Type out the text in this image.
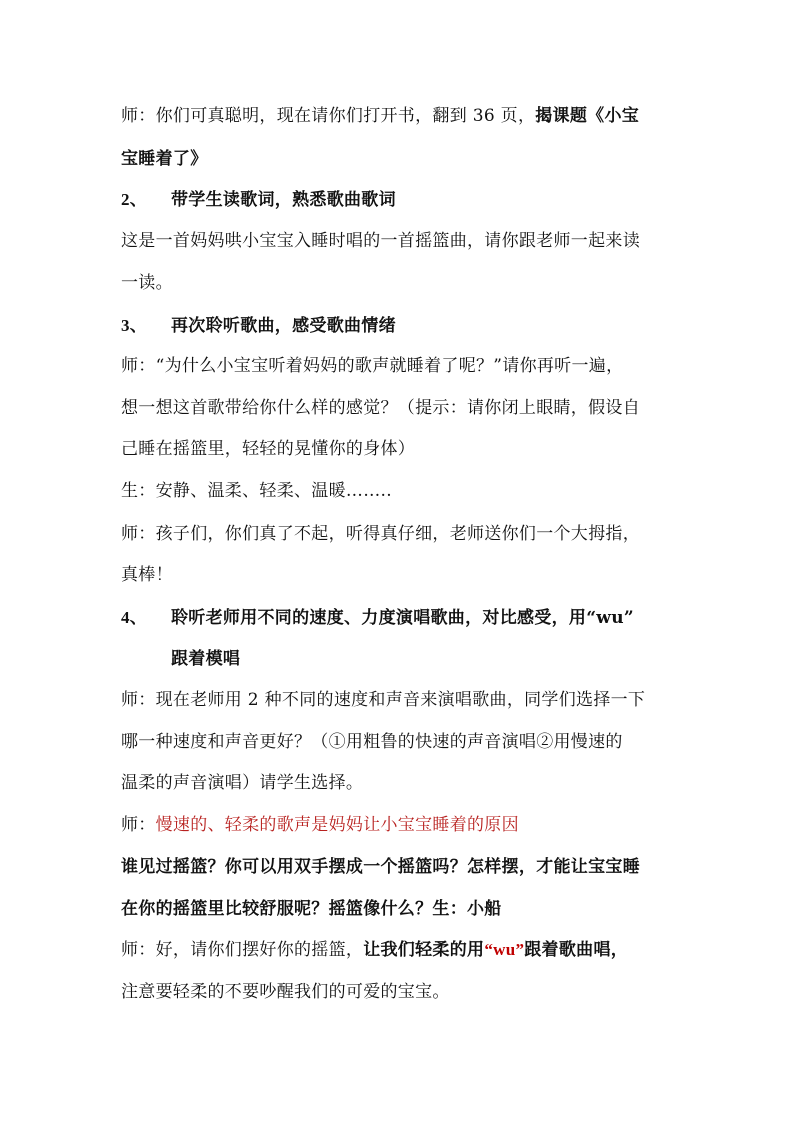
师：你们可真聪明，现在请你们打开书，翻到 36 页，揭课题《小宝
宝睡着了》
2、 带学生读歌词，熟悉歌曲歌词
这是一首妈妈哄小宝宝入睡时唱的一首摇篮曲，请你跟老师一起来读
一读。
3、 再次聆听歌曲，感受歌曲情绪
师：“为什么小宝宝听着妈妈的歌声就睡着了呢？”请你再听一遍，
想一想这首歌带给你什么样的感觉？（提示：请你闭上眼睛，假设自
己睡在摇篮里，轻轻的晃懂你的身体）
生：安静、温柔、轻柔、温暖……..
师：孩子们，你们真了不起，听得真仔细，老师送你们一个大拇指，
真棒！
4、 聆听老师用不同的速度、力度演唱歌曲，对比感受，用“wu”
跟着模唱
师：现在老师用 2 种不同的速度和声音来演唱歌曲，同学们选择一下
哪一种速度和声音更好？（①用粗鲁的快速的声音演唱②用慢速的
温柔的声音演唱）请学生选择。
师：慢速的、轻柔的歌声是妈妈让小宝宝睡着的原因
谁见过摇篮？你可以用双手摆成一个摇篮吗？怎样摆，才能让宝宝睡
在你的摇篮里比较舒服呢？摇篮像什么？生：小船
师：好，请你们摆好你的摇篮，让我们轻柔的用“wu”跟着歌曲唱，
注意要轻柔的不要吵醒我们的可爱的宝宝。
